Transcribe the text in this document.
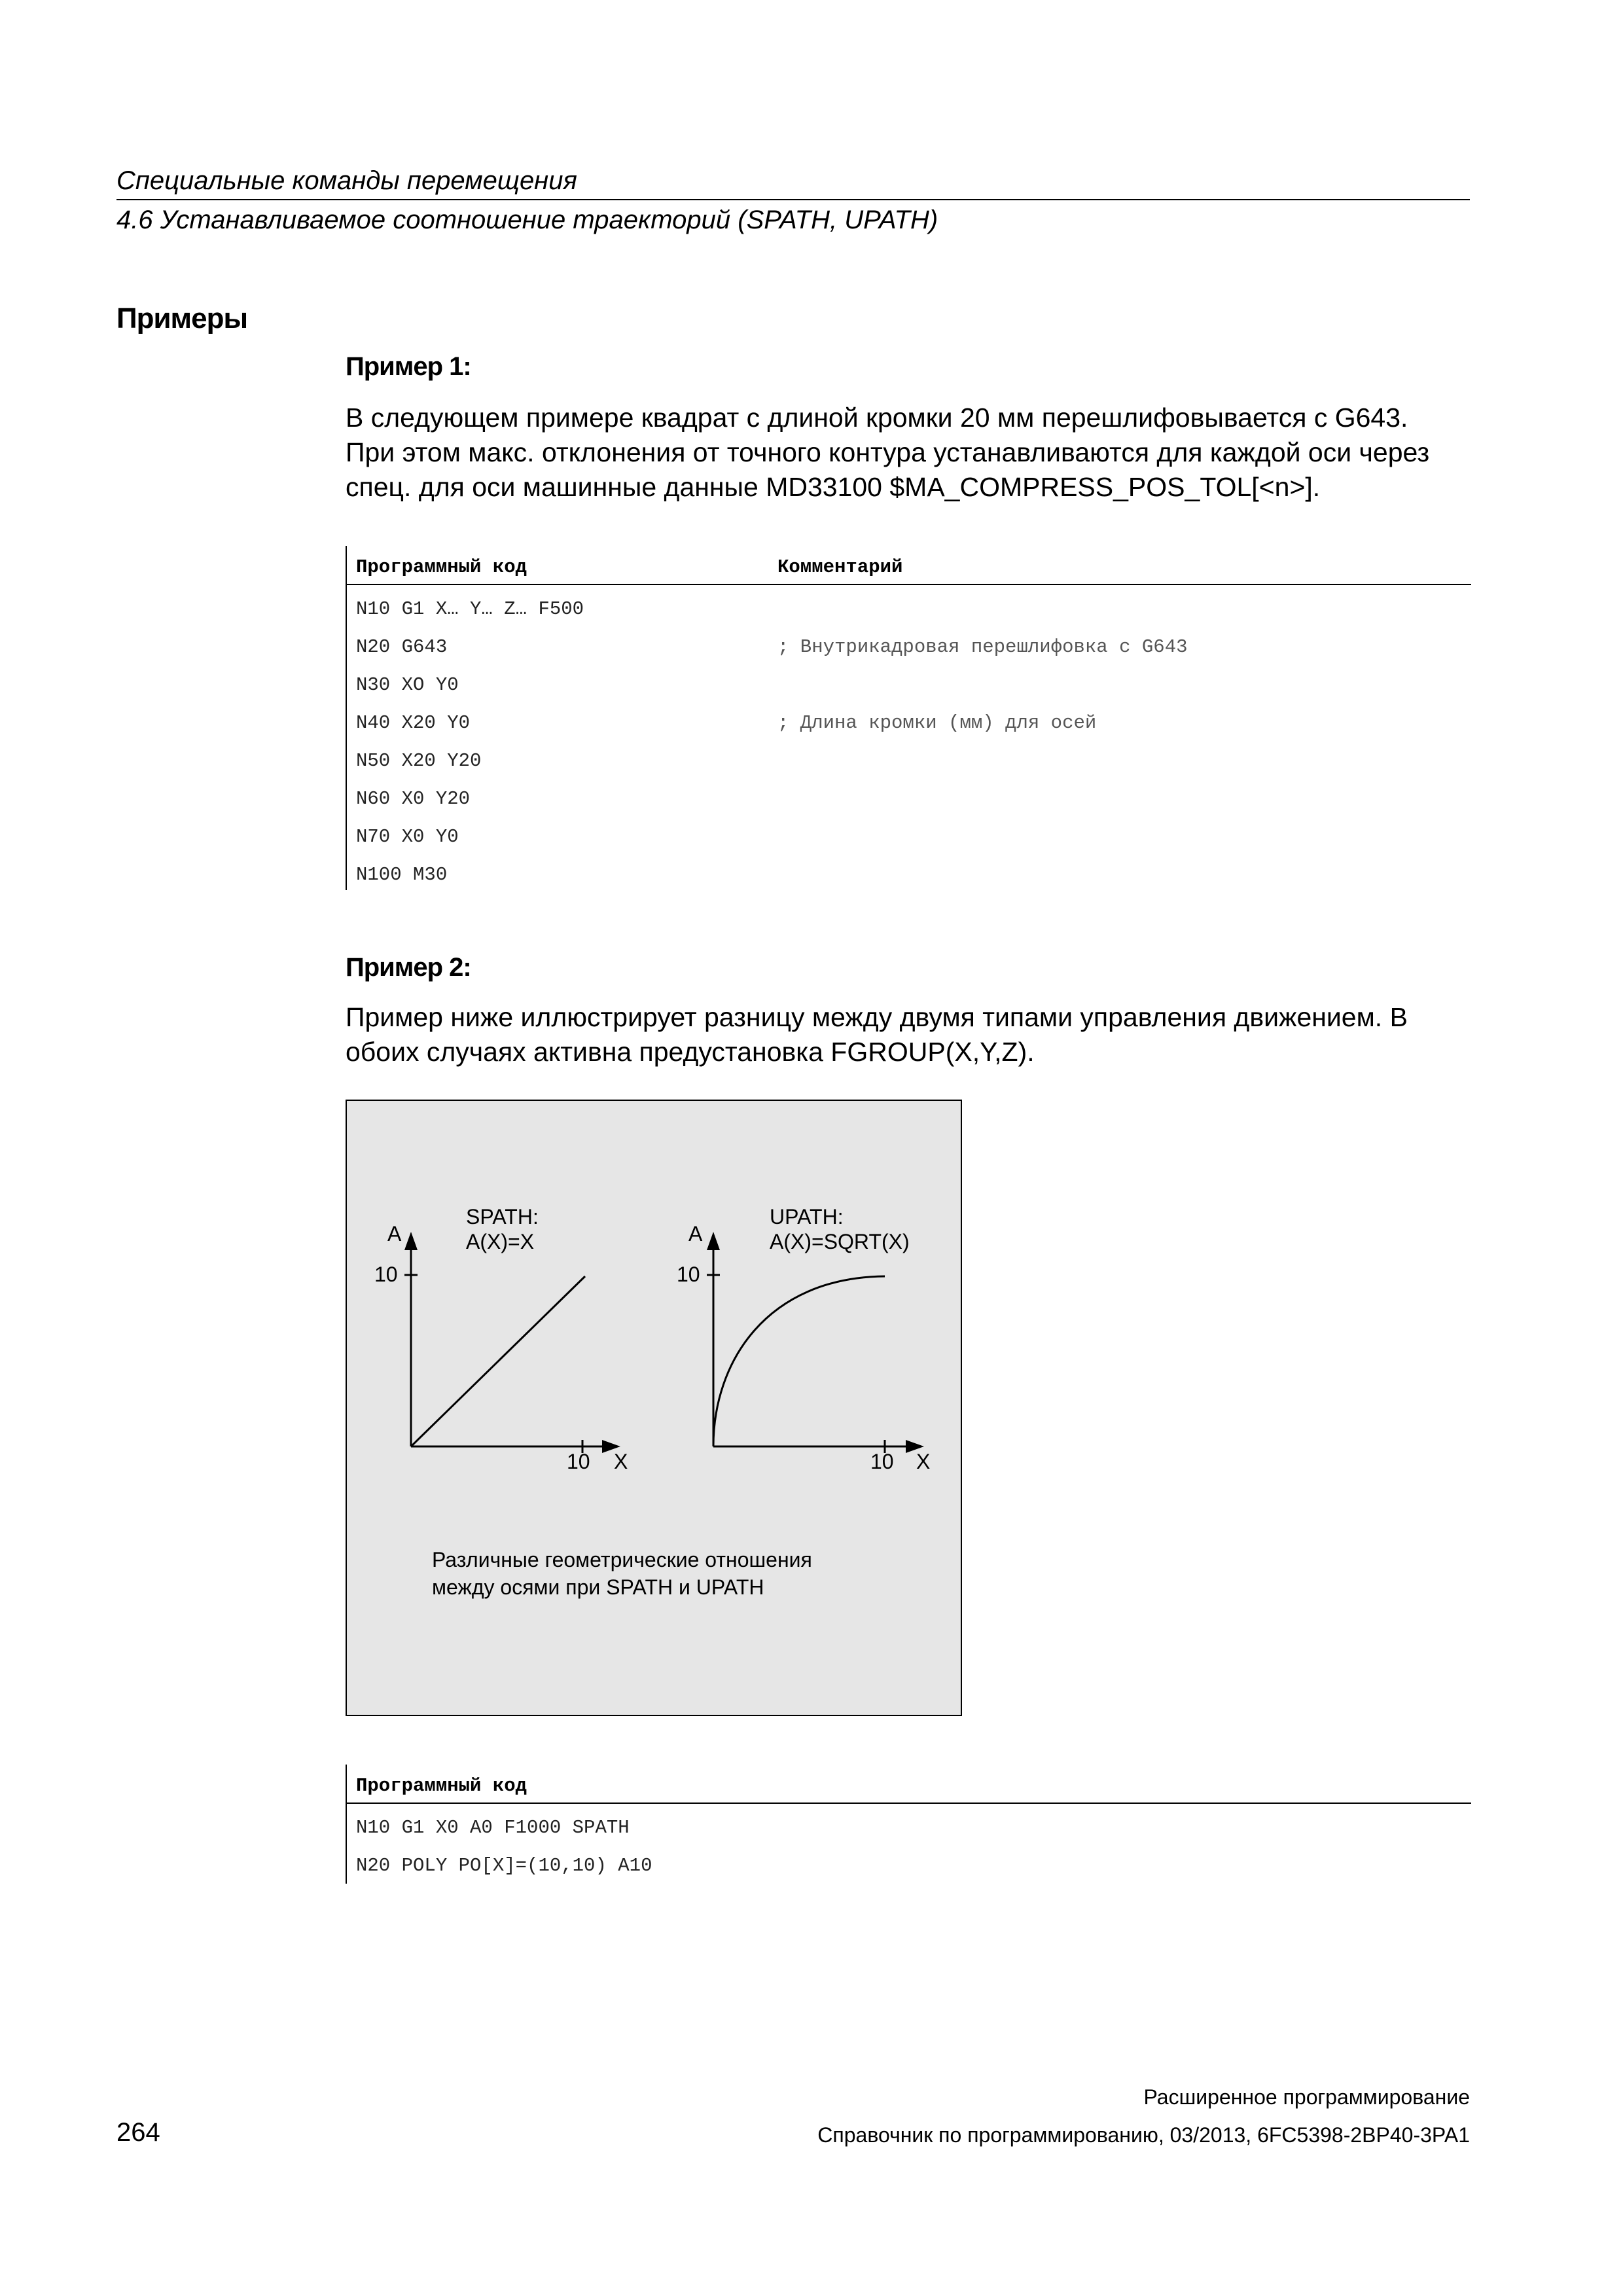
Специальные команды перемещения
4.6 Устанавливаемое соотношение траекторий (SPATH, UPATH)
Примеры
Пример 1:
В следующем примере квадрат с длиной кромки 20 мм перешлифовывается с G643.
При этом макс. отклонения от точного контура устанавливаются для каждой оси через
спец. для оси машинные данные MD33100 $MA_COMPRESS_POS_TOL[<n>].
Программный код	Комментарий
N10 G1 X… Y… Z… F500
N20 G643	; Внутрикадровая перешлифовка с G643
N30 XO Y0
N40 X20 Y0	; Длина кромки (мм) для осей
N50 X20 Y20
N60 X0 Y20
N70 X0 Y0
N100 M30
Пример 2:
Пример ниже иллюстрирует разницу между двумя типами управления движением. В
обоих случаях активна предустановка FGROUP(X,Y,Z).
SPATH:
A(X)=X
A
10
10 X
UPATH:
A(X)=SQRT(X)
A
10
10 X
Различные геометрические отношения
между осями при SPATH и UPATH
Программный код
N10 G1 X0 A0 F1000 SPATH
N20 POLY PO[X]=(10,10) A10
Расширенное программирование
264	Справочник по программированию, 03/2013, 6FC5398-2BP40-3PA1
